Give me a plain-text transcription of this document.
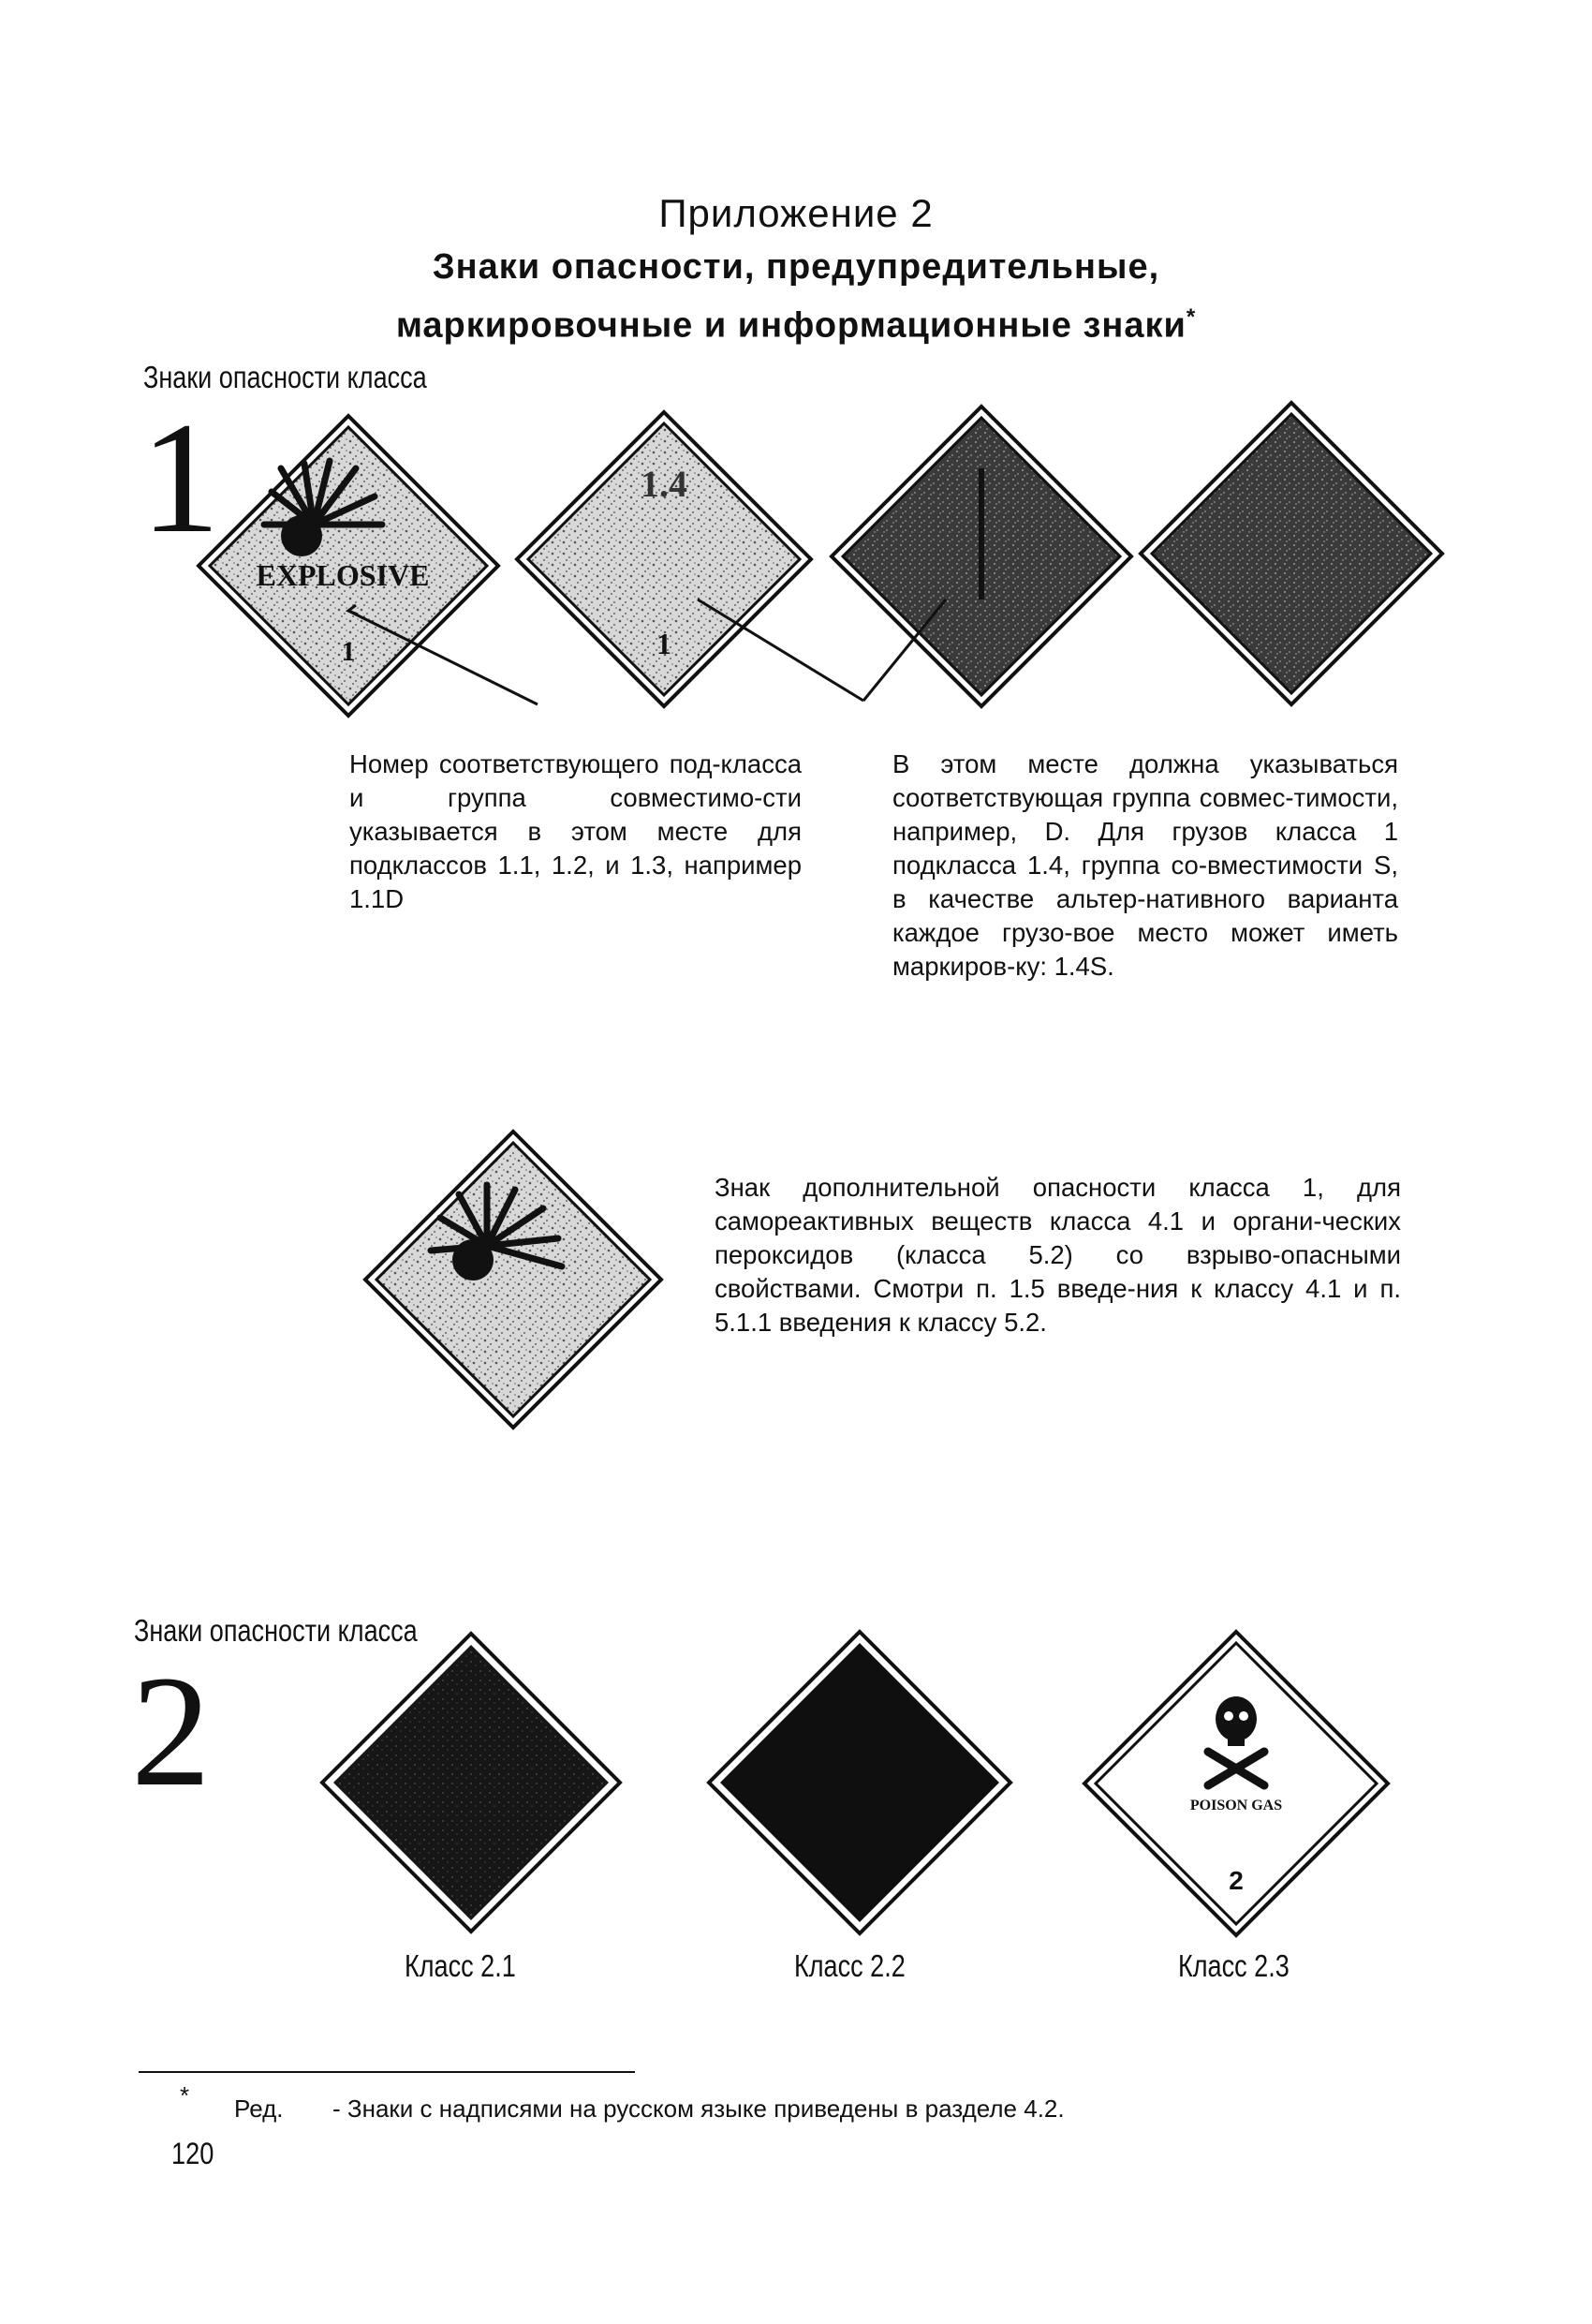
Приложение 2
Знаки опасности, предупредительные,
маркировочные и информационные знаки*
Знаки опасности класса
1
EXPLOSIVE
1
1.4
1
POISON GAS
2
Номер соответствующего под-класса и группа совместимо-сти указывается в этом месте для подклассов 1.1, 1.2, и 1.3, например 1.1D
В этом месте должна указываться соответствующая группа совмес-тимости, например, D. Для грузов класса 1 подкласса 1.4, группа со-вместимости S, в качестве альтер-нативного варианта каждое грузо-вое место может иметь маркиров-ку: 1.4S.
Знак дополнительной опасности класса 1, для самореактивных веществ класса 4.1 и органи-ческих пероксидов (класса 5.2) со взрыво-опасными свойствами. Смотри п. 1.5 введе-ния к классу 4.1 и п. 5.1.1 введения к классу 5.2.
Знаки опасности класса
2
Класс 2.1	Класс 2.2	Класс 2.3
* Ред. - Знаки с надписями на русском языке приведены в разделе 4.2.
120
